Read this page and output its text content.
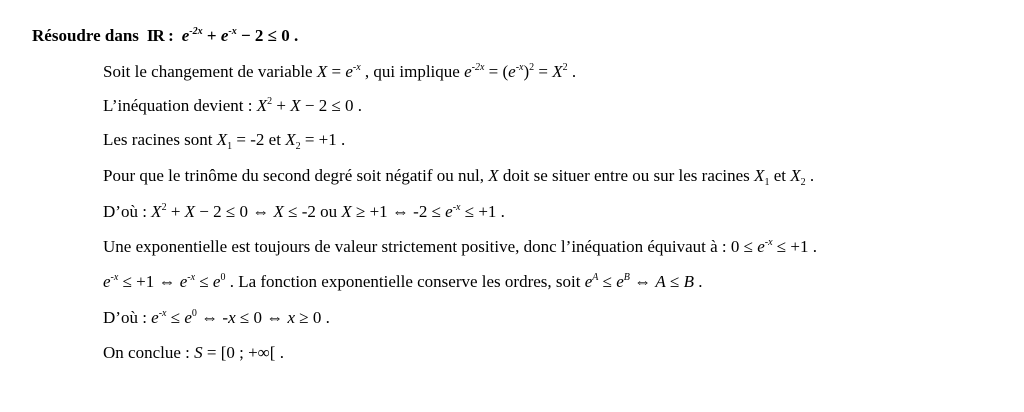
Résoudre dans IR : $e^{-2x} + e^{-x} - 2 \le 0$ .
Soit le changement de variable $X = e^{-x}$ , qui implique $e^{-2x} = (e^{-x})^2 = X^2$ .
L’inéquation devient : $X^2 + X - 2 \le 0$ .
Les racines sont $X_1 = -2$ et $X_2 = +1$ .
Pour que le trinôme du second degré soit négatif ou nul, X doit se situer entre ou sur les racines $X_1$ et $X_2$ .
D’où : $X^2 + X - 2 \le 0$ ⇔ X ≤ -2 ou X ≥ +1 ⇔ $-2 \le e^{-x} \le +1$ .
Une exponentielle est toujours de valeur strictement positive, donc l’inéquation équivaut à : $0 \le e^{-x} \le +1$ .
$e^{-x} \le +1$ ⇔ $e^{-x} \le e^0$ . La fonction exponentielle conserve les ordres, soit $e^A \le e^B$ ⇔ A ≤ B .
D’où : $e^{-x} \le e^0$ ⇔ -x ≤ 0 ⇔ x ≥ 0 .
On conclue : S = [0 ; +∞[ .
